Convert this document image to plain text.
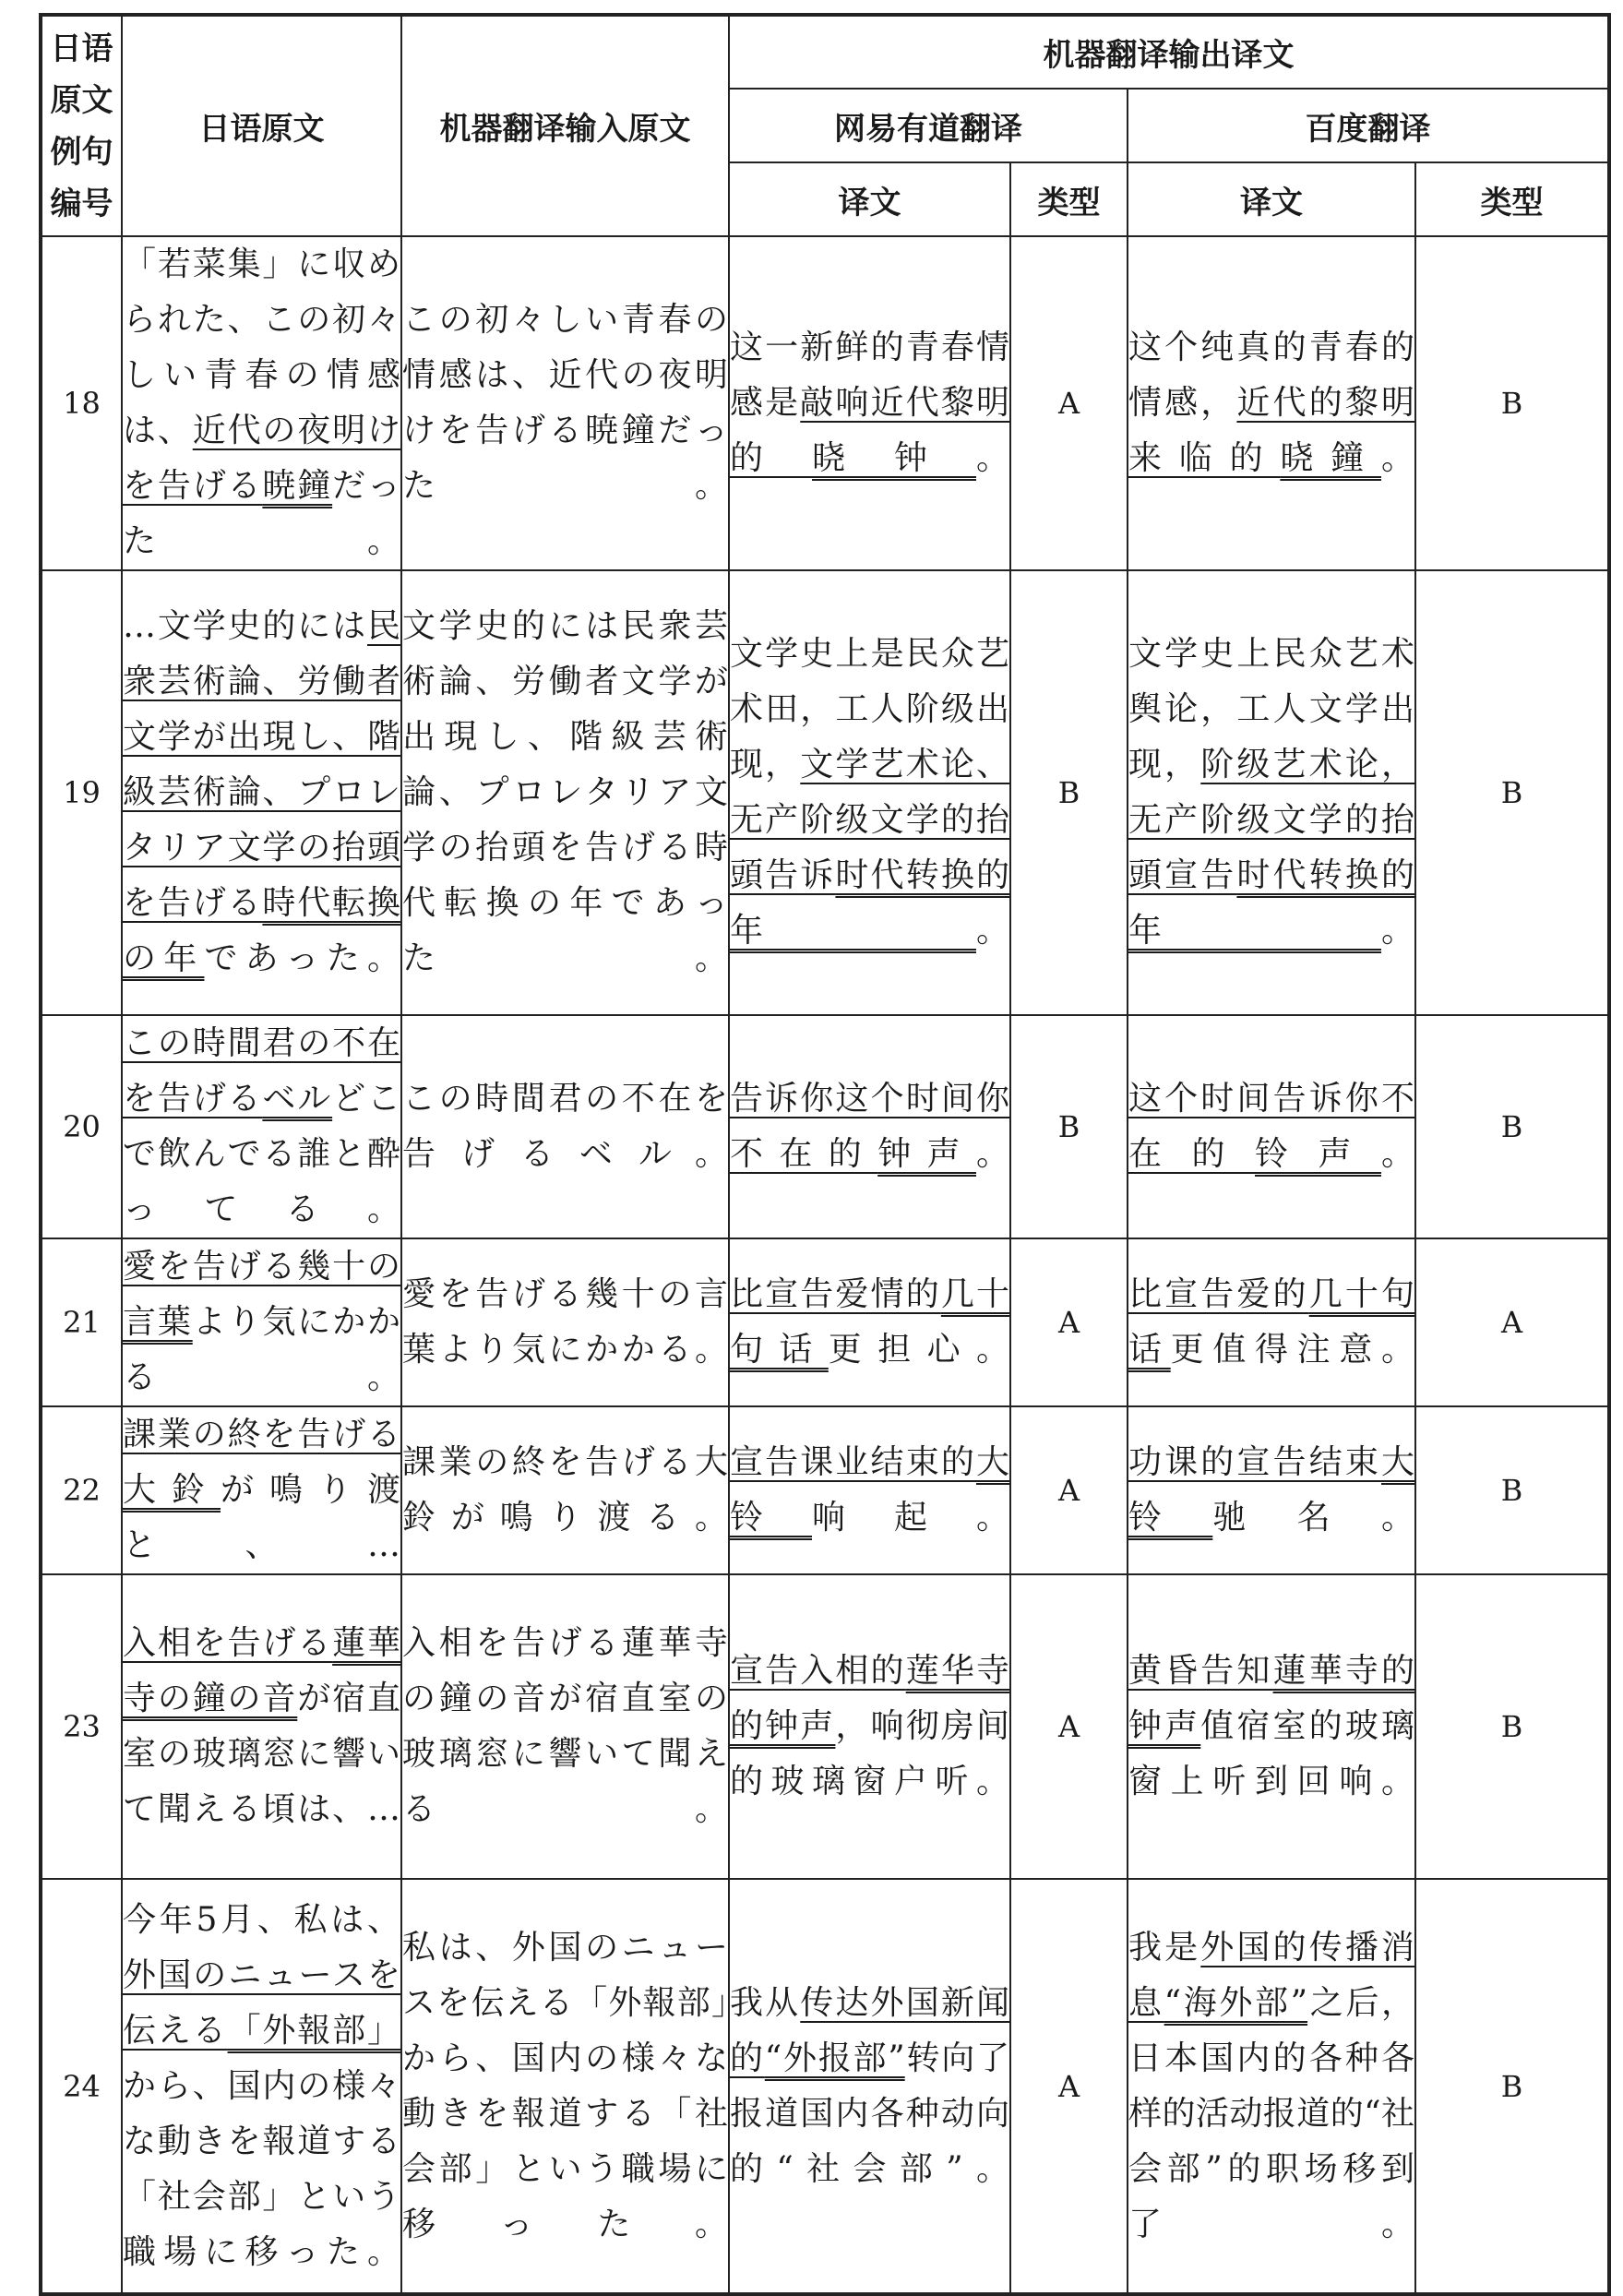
日语
原文
例句
编号	日语原文	机器翻译输入原文	机器翻译输出译文			
			网易有道翻译		百度翻译	
			译文	类型	译文	类型
18	「若菜集」に収められた、この初々しい青春の情感は、近代の夜明けを告げる暁鐘だった。	この初々しい青春の情感は、近代の夜明けを告げる暁鐘だった。	这一新鲜的青春情感是敲响近代黎明的晓钟。	A	这个纯真的青春的情感，近代的黎明来临的晓鐘。	B
19	…文学史的には民衆芸術論、労働者文学が出現し、階級芸術論、プロレタリア文学の抬頭を告げる時代転換の年であった。	文学史的には民衆芸術論、労働者文学が出現し、階級芸術論、プロレタリア文学の抬頭を告げる時代転換の年であった。	文学史上是民众艺术田，工人阶级出现，文学艺术论、无产阶级文学的抬頭告诉时代转换的年。	B	文学史上民众艺术舆论，工人文学出现，阶级艺术论，无产阶级文学的抬頭宣告时代转换的年。	B
20	この時間君の不在を告げるベルどこで飲んでる誰と酔ってる。	この時間君の不在を告げるベル。	告诉你这个时间你不在的钟声。	B	这个时间告诉你不在的铃声。	B
21	愛を告げる幾十の言葉より気にかかる。	愛を告げる幾十の言葉より気にかかる。	比宣告爱情的几十句话更担心。	A	比宣告爱的几十句话更值得注意。	A
22	課業の終を告げる大鈴が鳴り渡と、…	課業の終を告げる大鈴が鳴り渡る。	宣告课业结束的大铃响起。	A	功课的宣告结束大铃驰名。	B
23	入相を告げる蓮華寺の鐘の音が宿直室の玻璃窓に響いて聞える頃は、…	入相を告げる蓮華寺の鐘の音が宿直室の玻璃窓に響いて聞える。	宣告入相的莲华寺的钟声，响彻房间的玻璃窗户听。	A	黄昏告知蓮華寺的钟声值宿室的玻璃窗上听到回响。	B
24	今年5月、私は、外国のニュースを伝える「外報部」から、国内の様々な動きを報道する「社会部」という職場に移った。	私は、外国のニュースを伝える「外報部」から、国内の様々な動きを報道する「社会部」という職場に移った。	我从传达外国新闻的“外报部”转向了报道国内各种动向的“社会部”。	A	我是外国的传播消息“海外部”之后，日本国内的各种各样的活动报道的“社会部”的职场移到了。	B
